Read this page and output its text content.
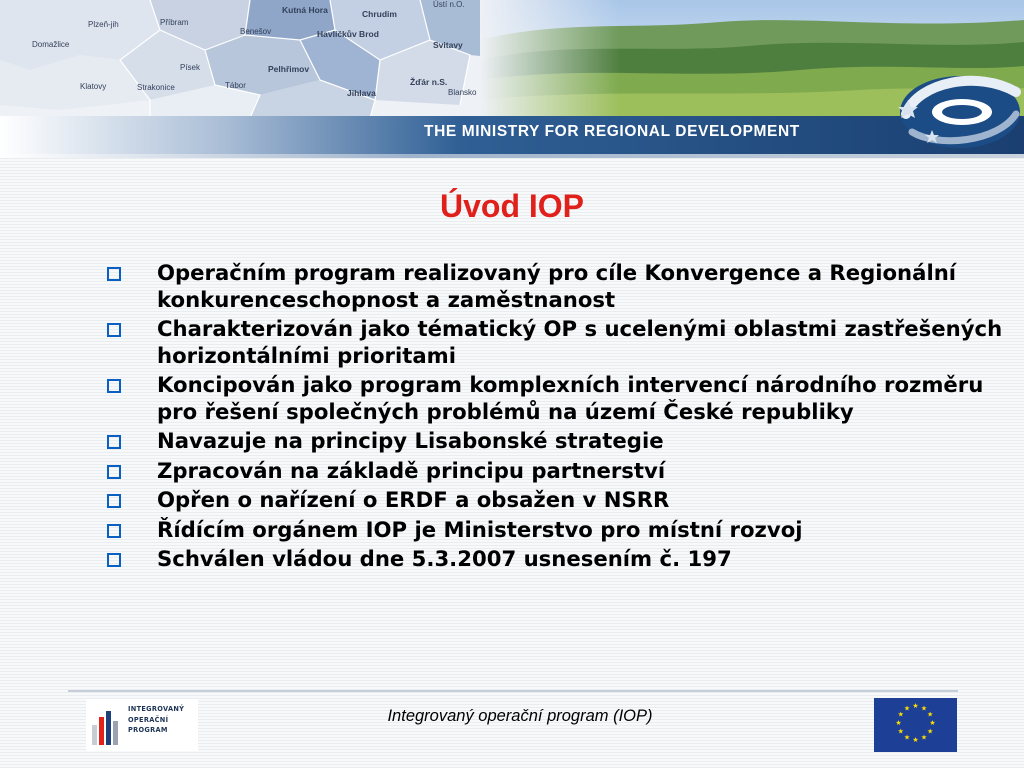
Plzeň-jih	Příbram
Kutná Hora	Chrudim
Ústí n.O.
Domažlice
Benešov	Havlíčkův Brod
Svitavy
Písek	Pelhřimov
Klatovy	Strakonice	Tábor	Žďár n.S.
Jihlava	Blansko
THE MINISTRY FOR REGIONAL DEVELOPMENT
Úvod IOP
Operačním program realizovaný pro cíle Konvergence a Regionální konkurenceschopnost a zaměstnanost
Charakterizován jako tématický OP s ucelenými oblastmi zastřešených horizontálními prioritami
Koncipován jako program komplexních intervencí národního rozměru pro řešení společných problémů na území České republiky
Navazuje na principy Lisabonské strategie
Zpracován na základě principu partnerství
Opřen o nařízení o ERDF a obsažen v NSRR
Řídícím orgánem IOP je Ministerstvo pro místní rozvoj
Schválen vládou dne 5.3.2007 usnesením č. 197
INTEGROVANÝ
OPERAČNÍ
PROGRAM
Integrovaný operační program (IOP)
★ ★
★
★
★
★
★
★
★
★
★
★
